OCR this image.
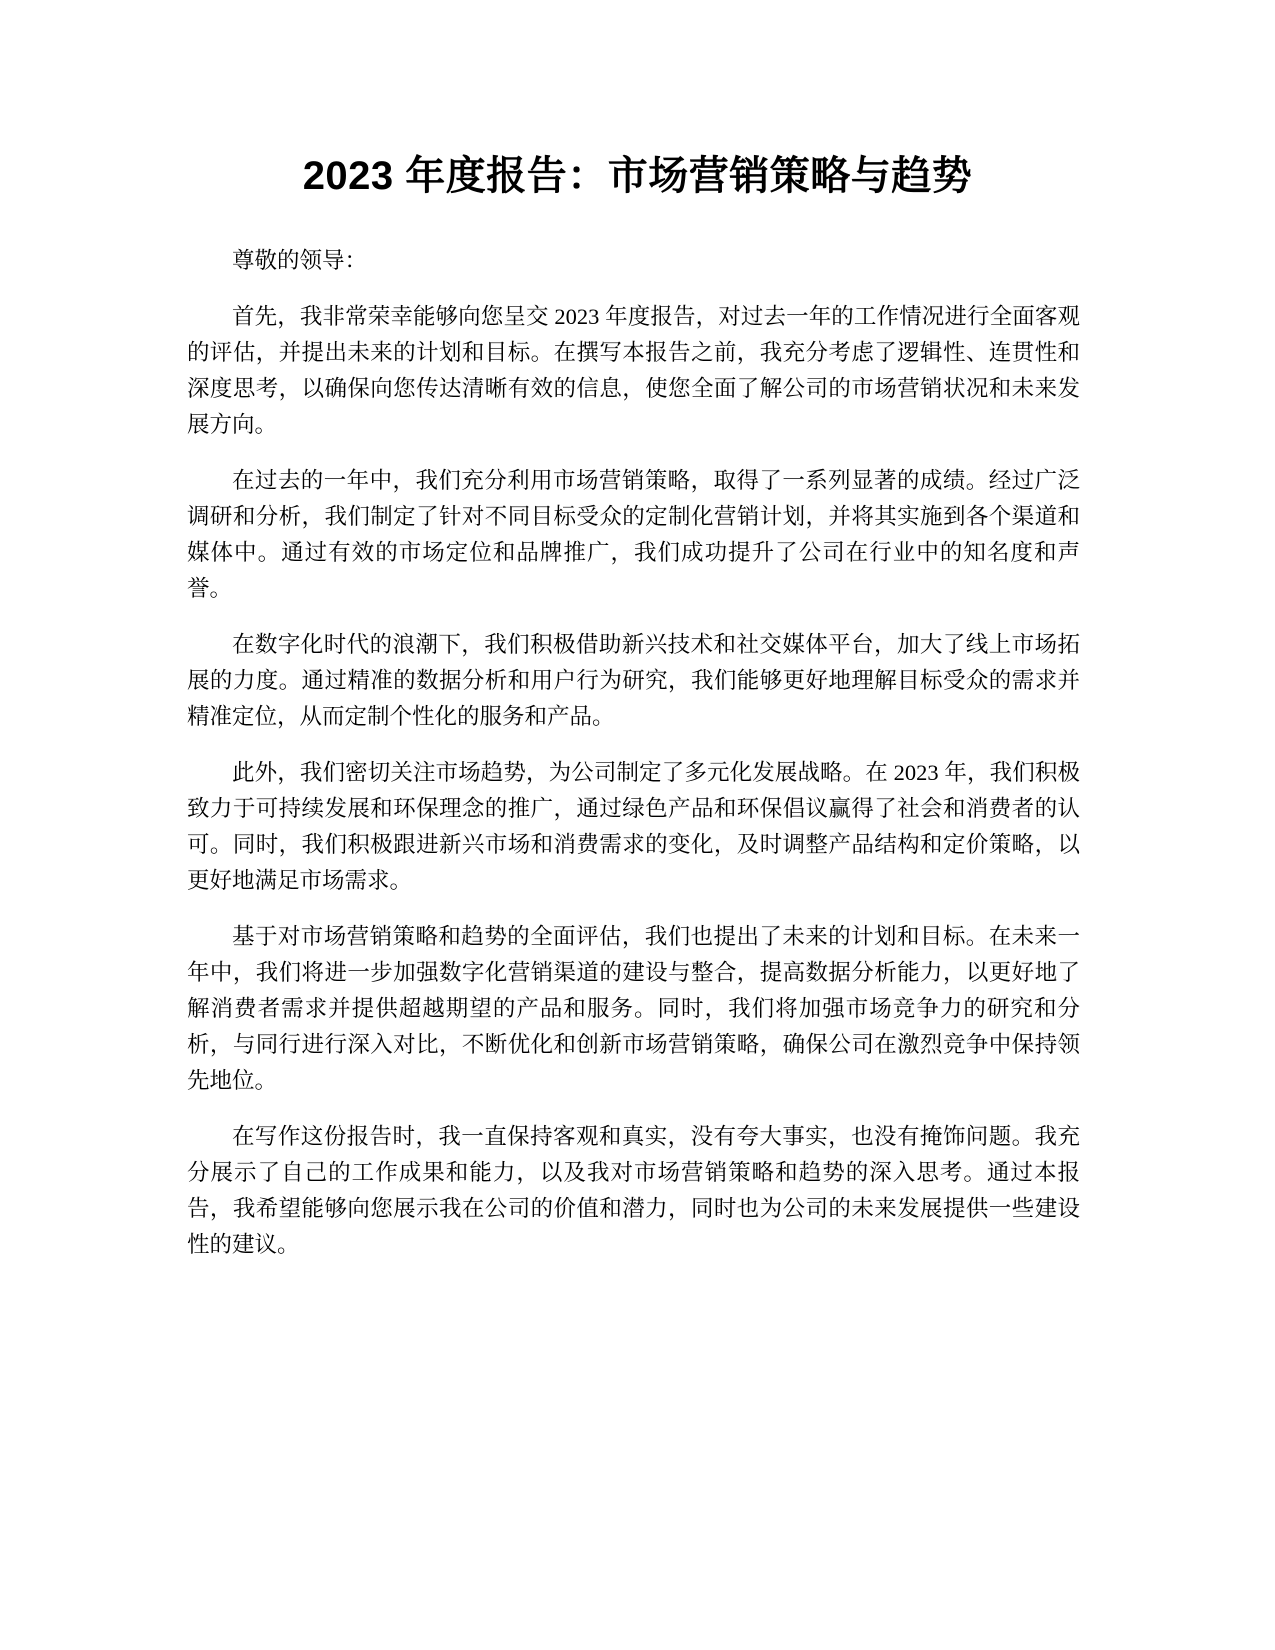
2023 年度报告：市场营销策略与趋势

尊敬的领导：

首先，我非常荣幸能够向您呈交 2023 年度报告，对过去一年的工作情况进行全面客观的评估，并提出未来的计划和目标。在撰写本报告之前，我充分考虑了逻辑性、连贯性和深度思考，以确保向您传达清晰有效的信息，使您全面了解公司的市场营销状况和未来发展方向。

在过去的一年中，我们充分利用市场营销策略，取得了一系列显著的成绩。经过广泛调研和分析，我们制定了针对不同目标受众的定制化营销计划，并将其实施到各个渠道和媒体中。通过有效的市场定位和品牌推广，我们成功提升了公司在行业中的知名度和声誉。

在数字化时代的浪潮下，我们积极借助新兴技术和社交媒体平台，加大了线上市场拓展的力度。通过精准的数据分析和用户行为研究，我们能够更好地理解目标受众的需求并精准定位，从而定制个性化的服务和产品。

此外，我们密切关注市场趋势，为公司制定了多元化发展战略。在 2023 年，我们积极致力于可持续发展和环保理念的推广，通过绿色产品和环保倡议赢得了社会和消费者的认可。同时，我们积极跟进新兴市场和消费需求的变化，及时调整产品结构和定价策略，以更好地满足市场需求。

基于对市场营销策略和趋势的全面评估，我们也提出了未来的计划和目标。在未来一年中，我们将进一步加强数字化营销渠道的建设与整合，提高数据分析能力，以更好地了解消费者需求并提供超越期望的产品和服务。同时，我们将加强市场竞争力的研究和分析，与同行进行深入对比，不断优化和创新市场营销策略，确保公司在激烈竞争中保持领先地位。

在写作这份报告时，我一直保持客观和真实，没有夸大事实，也没有掩饰问题。我充分展示了自己的工作成果和能力，以及我对市场营销策略和趋势的深入思考。通过本报告，我希望能够向您展示我在公司的价值和潜力，同时也为公司的未来发展提供一些建设性的建议。
